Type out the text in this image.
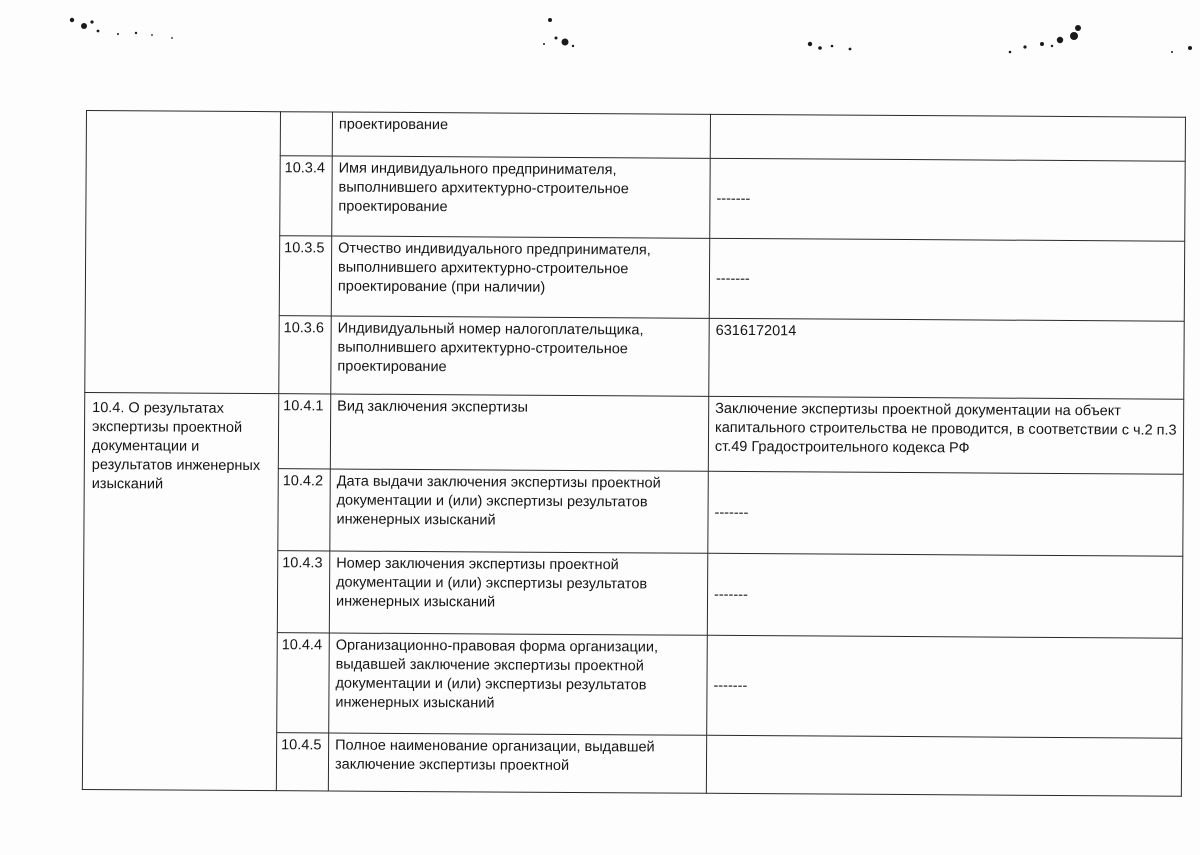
		проектирование	
	10.3.4	Имя индивидуального предпринимателя, выполнившего архитектурно-строительное проектирование	-------
	10.3.5	Отчество индивидуального предпринимателя, выполнившего архитектурно-строительное проектирование (при наличии)	-------
	10.3.6	Индивидуальный номер налогоплательщика, выполнившего архитектурно-строительное проектирование	6316172014
10.4. О результатах экспертизы проектной документации и результатов инженерных изысканий	10.4.1	Вид заключения экспертизы	Заключение экспертизы проектной документации на объект капитального строительства не проводится, в соответствии с ч.2 п.3 ст.49 Градостроительного кодекса РФ
	10.4.2	Дата выдачи заключения экспертизы проектной документации и (или) экспертизы результатов инженерных изысканий	-------
	10.4.3	Номер заключения экспертизы проектной документации и (или) экспертизы результатов инженерных изысканий	-------
	10.4.4	Организационно-правовая форма организации, выдавшей заключение экспертизы проектной документации и (или) экспертизы результатов инженерных изысканий	-------
	10.4.5	Полное наименование организации, выдавшей заключение экспертизы проектной	
